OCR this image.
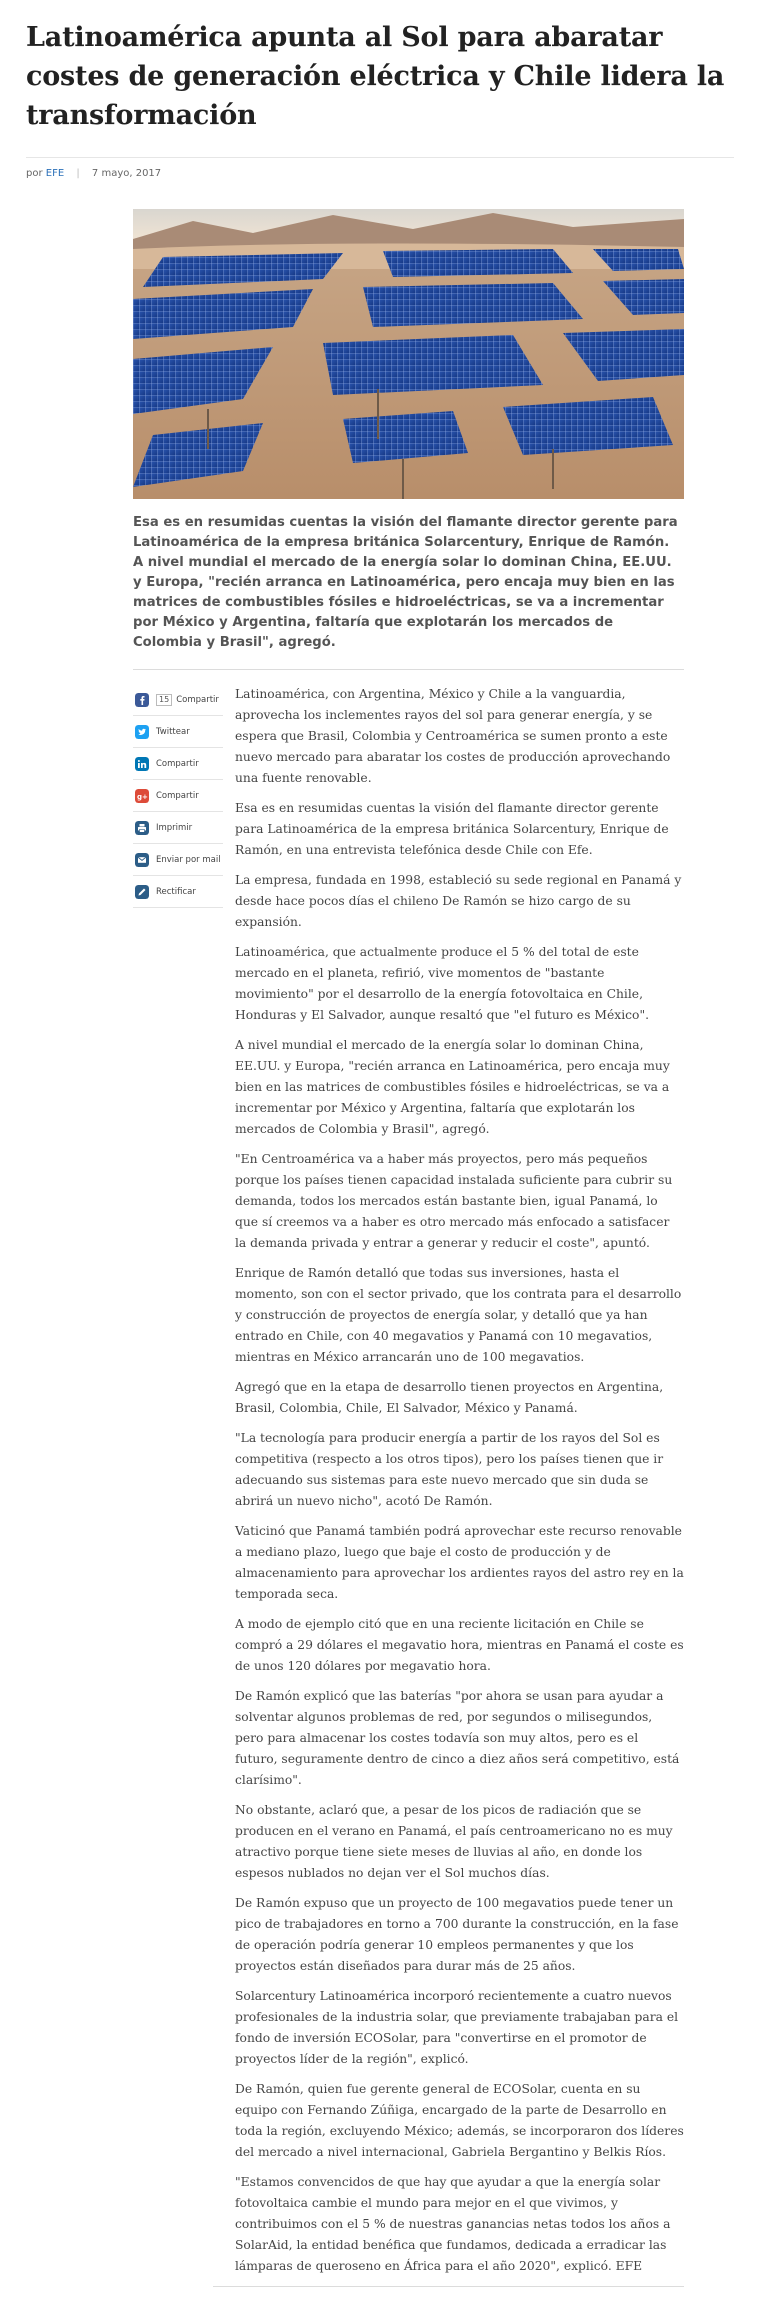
Latinoamérica apunta al Sol para abaratar costes de generación eléctrica y Chile lidera la transformación
por EFE | 7 mayo, 2017

Esa es en resumidas cuentas la visión del flamante director gerente para Latinoamérica de la empresa británica Solarcentury, Enrique de Ramón. A nivel mundial el mercado de la energía solar lo dominan China, EE.UU. y Europa, "recién arranca en Latinoamérica, pero encaja muy bien en las matrices de combustibles fósiles e hidroeléctricas, se va a incrementar por México y Argentina, faltaría que explotarán los mercados de Colombia y Brasil", agregó.

15 Compartir
Twittear
Compartir
g+ Compartir
Imprimir
Enviar por mail
Rectificar

Latinoamérica, con Argentina, México y Chile a la vanguardia, aprovecha los inclementes rayos del sol para generar energía, y se espera que Brasil, Colombia y Centroamérica se sumen pronto a este nuevo mercado para abaratar los costes de producción aprovechando una fuente renovable.

Esa es en resumidas cuentas la visión del flamante director gerente para Latinoamérica de la empresa británica Solarcentury, Enrique de Ramón, en una entrevista telefónica desde Chile con Efe.

La empresa, fundada en 1998, estableció su sede regional en Panamá y desde hace pocos días el chileno De Ramón se hizo cargo de su expansión.

Latinoamérica, que actualmente produce el 5 % del total de este mercado en el planeta, refirió, vive momentos de "bastante movimiento" por el desarrollo de la energía fotovoltaica en Chile, Honduras y El Salvador, aunque resaltó que "el futuro es México".

A nivel mundial el mercado de la energía solar lo dominan China, EE.UU. y Europa, "recién arranca en Latinoamérica, pero encaja muy bien en las matrices de combustibles fósiles e hidroeléctricas, se va a incrementar por México y Argentina, faltaría que explotarán los mercados de Colombia y Brasil", agregó.

"En Centroamérica va a haber más proyectos, pero más pequeños porque los países tienen capacidad instalada suficiente para cubrir su demanda, todos los mercados están bastante bien, igual Panamá, lo que sí creemos va a haber es otro mercado más enfocado a satisfacer la demanda privada y entrar a generar y reducir el coste", apuntó.

Enrique de Ramón detalló que todas sus inversiones, hasta el momento, son con el sector privado, que los contrata para el desarrollo y construcción de proyectos de energía solar, y detalló que ya han entrado en Chile, con 40 megavatios y Panamá con 10 megavatios, mientras en México arrancarán uno de 100 megavatios.

Agregó que en la etapa de desarrollo tienen proyectos en Argentina, Brasil, Colombia, Chile, El Salvador, México y Panamá.

"La tecnología para producir energía a partir de los rayos del Sol es competitiva (respecto a los otros tipos), pero los países tienen que ir adecuando sus sistemas para este nuevo mercado que sin duda se abrirá un nuevo nicho", acotó De Ramón.

Vaticinó que Panamá también podrá aprovechar este recurso renovable a mediano plazo, luego que baje el costo de producción y de almacenamiento para aprovechar los ardientes rayos del astro rey en la temporada seca.

A modo de ejemplo citó que en una reciente licitación en Chile se compró a 29 dólares el megavatio hora, mientras en Panamá el coste es de unos 120 dólares por megavatio hora.

De Ramón explicó que las baterías "por ahora se usan para ayudar a solventar algunos problemas de red, por segundos o milisegundos, pero para almacenar los costes todavía son muy altos, pero es el futuro, seguramente dentro de cinco a diez años será competitivo, está clarísimo".

No obstante, aclaró que, a pesar de los picos de radiación que se producen en el verano en Panamá, el país centroamericano no es muy atractivo porque tiene siete meses de lluvias al año, en donde los espesos nublados no dejan ver el Sol muchos días.

De Ramón expuso que un proyecto de 100 megavatios puede tener un pico de trabajadores en torno a 700 durante la construcción, en la fase de operación podría generar 10 empleos permanentes y que los proyectos están diseñados para durar más de 25 años.

Solarcentury Latinoamérica incorporó recientemente a cuatro nuevos profesionales de la industria solar, que previamente trabajaban para el fondo de inversión ECOSolar, para "convertirse en el promotor de proyectos líder de la región", explicó.

De Ramón, quien fue gerente general de ECOSolar, cuenta en su equipo con Fernando Zúñiga, encargado de la parte de Desarrollo en toda la región, excluyendo México; además, se incorporaron dos líderes del mercado a nivel internacional, Gabriela Bergantino y Belkis Ríos.

"Estamos convencidos de que hay que ayudar a que la energía solar fotovoltaica cambie el mundo para mejor en el que vivimos, y contribuimos con el 5 % de nuestras ganancias netas todos los años a SolarAid, la entidad benéfica que fundamos, dedicada a erradicar las lámparas de queroseno en África para el año 2020", explicó. EFE
